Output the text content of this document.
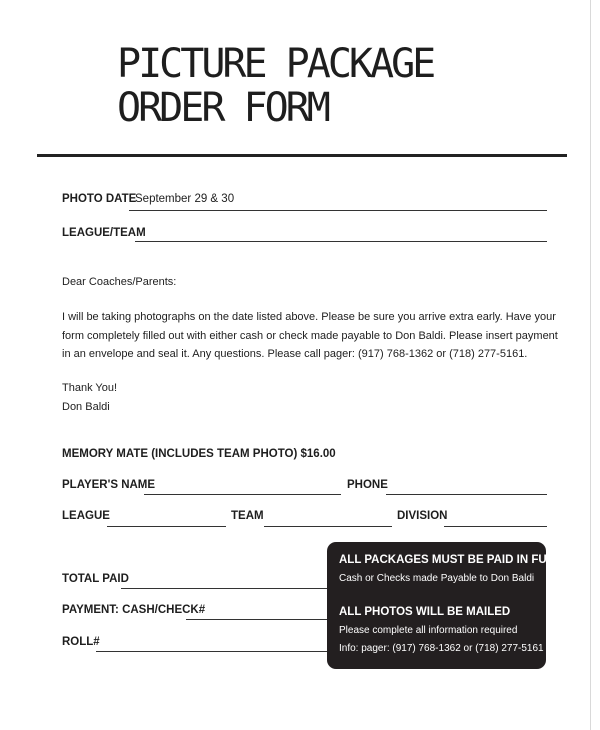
PICTURE PACKAGE
ORDER FORM
PHOTO DATE
September 29 & 30
LEAGUE/TEAM
Dear Coaches/Parents:
I will be taking photographs on the date listed above. Please be sure you arrive extra early. Have your
form completely filled out with either cash or check made payable to Don Baldi. Please insert payment
in an envelope and seal it. Any questions. Please call pager: (917) 768-1362 or (718) 277-5161.
Thank You!
Don Baldi
MEMORY MATE (INCLUDES TEAM PHOTO) $16.00
PLAYER'S NAME	PHONE
LEAGUE	TEAM	DIVISION
TOTAL PAID
PAYMENT: CASH/CHECK#
ROLL#
ALL PACKAGES MUST BE PAID IN FULL
Cash or Checks made Payable to Don Baldi
ALL PHOTOS WILL BE MAILED
Please complete all information required
Info: pager: (917) 768-1362 or (718) 277-5161
